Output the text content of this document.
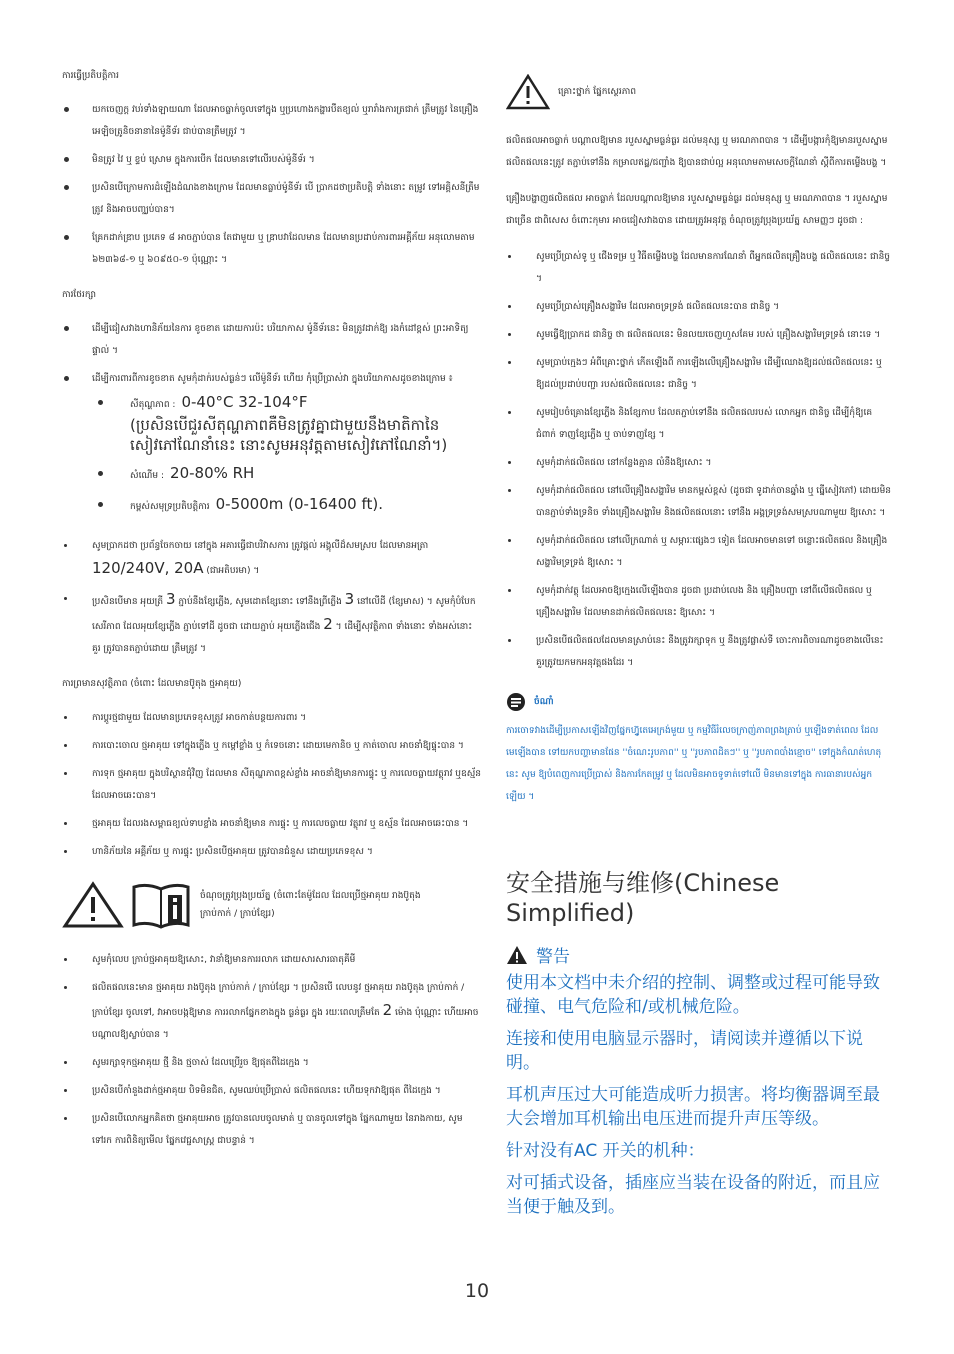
ការធ្វើប្រតិបត្តិការ
យកចេញក្ដ ​វបរ់ទាំងឡាយណា ដែលអាចធ្លាក់ចូលទៅក្នុង ឬប្រហោងកង្ហារបឺតខ្យល់ ឬរារាំងការត្រជាក់ ត្រឹមត្រូវ នៃគ្រឿងអេឡិចត្រូនិចនានានៃម៉ូនីទ័រ ជាប់បានត្រឹមត្រូវ ។
មិនត្រូវ វៃ ឬ ខ្ទប់ ស្រោម ក្នុងការបើក ដែលមានទៅលើរបស់ម៉ូនីទ័រ ។
ប្រសិនបើក្រោមការដំឡើងដំណងខាងក្រោម ដែលមានធ្លាប់ម៉ូនីទ័រ បើ ប្រាកដថាប្រតិបត្តិ ទាំងនោះ តម្រូវ ទៅ​អគ្គិសនីត្រឹមត្រូវ និងអាចបញ្ឈប់បាន។
គ្រែកដាក់ឌ្រាប ប្រភេទ ៨ អាចភ្ជាប់បាន តែជាមួយ ឬ ឌ្រាបវាដែលមាន ដែលមានប្រដាប់ការពារអគ្គីភ័យ អនុលោមតាម ៦២៣៦៨-១ ឬ ៦០៩៥០-១ ប៉ុណ្ណោះ ។
ការថែរក្សា
ដើម្បីជៀសវាងហានិភ័យនៃការ ខូចខាត ដោយការប៉ះ បរិយាកាស ម៉ូនីទ័រនេះ មិនត្រូវដាក់ឱ្យ រងកំដៅខ្ពស់ ព្រះអាទិត្យ ផ្ទាល់ ។
ដើម្បីការពារពីការខូចខាត សូមកុំដាក់របស់ធ្ងន់ៗ លើម៉ូនីទ័រ ហើយ កុំប្រើប្រាស់វា ក្នុងបរិយាកាសដូចខាងក្រោម ៖
សីតុណ្ហភាព : 0-40°C 32-104°F
(ប្រសិនបើជួរសីតុណ្ហភាពគឺមិនត្រូវគ្នាជាមួយនឹងមាតិកានៃសៀវភៅណែនាំនេះ នោះសូមអនុវត្តតាមសៀវភៅណែនាំ។)
សំណើម : 20-80% RH
កម្ពស់សមុទ្រប្រតិបត្តិការ 0-5000m (0-16400 ft).
សូមប្រាកដថា ប្រព័ន្ធចែកចាយ នៅក្នុង អគារធ្វើជាបរិវាសការ ត្រូវផ្ដល់ អង្គុលីដ៏សមស្រប ដែលមានអត្រា 120/240V, 20A (ជាអតិបរមា) ។
ប្រសិនបើមាន អុយ​ត្រី 3 ភ្ជាប់នឹងខ្សែភ្លើង, សូមដោតខ្សែនោះ ទៅនឹងព្រីភ្លើង 3 នៅលើដី (ខ្សែមាស) ។ សូមកុំបំបែកសេរីភាព ដែលអុយខ្សែភ្លើង ភ្ជាប់ទៅដី ដូចជា ដោយភ្ជាប់ អុយភ្លើងជើង 2 ។ ដើម្បីសុវត្ថិភាព ទាំងនោះ ទាំងអស់នោះ គួរ ត្រូវបានតភ្ជាប់​ដោយ ត្រឹមត្រូវ ។
ការព្រមានសុវត្ថិភាព (ចំពោះ ដែលមានប៊ូតុង ថ្មអាគុយ)
ការប្តូរថ្មជាមួយ ដែលមានប្រភេទខុសត្រូវ អាចកាត់បន្ថយការពារ ។
ការបោះចោល ថ្មអាគុយ ទៅក្នុងភ្លើង ឬ កម្ដៅខ្លាំង ឬ កំទេចនោះ ដោយមេកានិច ឬ កាត់ចោល អាចនាំឱ្យផ្ទុះបាន ។
ការទុក ថ្មអាគុយ ក្នុងបរិស្ថានជុំវិញ ដែលមាន សីតុណ្ហភាពខ្ពស់ខ្លាំង អាចនាំឱ្យមានការផ្ទុះ ឬ ការលេចធ្លាយវត្ថុរាវ ឬឧស្ម័ន ដែលអាចឆេះបាន។
ថ្មអាគុយ ដែលរងសម្ពាធខ្យល់ទាបខ្លាំង អាចនាំឱ្យមាន ការផ្ទុះ ឬ ការលេចធ្លាយ វត្ថុរាវ ឬ ឧស្ម័ន ដែលអាចឆេះបាន ។
ហានិភ័យនៃ អគ្គីភ័យ ឬ ការផ្ទុះ ប្រសិនបើថ្មអាគុយ ត្រូវបានជំនួស ដោយប្រភេទខុស ។
ចំណុចត្រូវប្រុងប្រយ័ត្ន (ចំពោះតែម៉ូដែល ដែលប្រើថ្មអាគុយ រាងប៊ូតុង
ក្រាប់កាក់ / ក្រាប់ខ្សែរ)
សូមកុំលេប ក្រាប់ថ្មអាគុយឱ្យសោះ, វានាំឱ្យមានការរលាក ដោយសារសារធាតុគីមី
ផលិតផលនេះមាន ថ្មអាគុយ រាងប៊ូតុង ក្រាប់កាក់ / ក្រាប់ខ្សែរ ។ ប្រសិនបើ លេបនូវ ថ្មអាគុយ រាងប៊ូតុង ក្រាប់កាក់ / ក្រាប់ខ្សែរ ចូលទៅ, វាអាចបង្កឱ្យមាន ការរលាកផ្នែកខាងក្នុង ធ្ងន់ធ្ងរ ក្នុង រយៈពេលត្រឹមតែ 2 ម៉ោង ប៉ុណ្ណោះ ហើយអាចបណ្តាលឱ្យស្លាប់បាន ។
សូមរក្សាទុកថ្មអាគុយ ថ្មី និង ថ្មចាស់ ដែលប្រើរួច ឱ្យផុតពីដៃក្មេង ។
ប្រសិនបើកាំនួងដាក់ថ្មអាគុយ បិទមិនជិត, សូមឈប់ប្រើប្រាស់ ផលិតផលនេះ ហើយទុកវាឱ្យផុត ពីដៃក្មេង ។
ប្រសិនបើលោកអ្នកគិតថា ថ្មអាគុយអាច ត្រូវបានលេបចូលមាត់ ឬ បានចូលទៅក្នុង ផ្នែកណាមួយ នៃរាងកាយ, សូមទៅរក ការពិនិត្យមើល ផ្នែកវេជ្ជសាស្ត្រ ជាបន្ទាន់ ។
គ្រោះថ្នាក់ ផ្នែកស្ថេរភាព

ផលិតផលអាចធ្លាក់ បណ្តាលឱ្យមាន របួសស្នាមធ្ងន់ធ្ងរ ដល់មនុស្ស ឬ មរណភាពបាន ។ ដើម្បីបង្ការកុំឱ្យមានរបួសស្នាម ផលិតផលនេះត្រូវ តភ្ជាប់ទៅនឹង កម្រាលឥដ្ឋ/ជញ្ជាំង ឱ្យបានជាប់ល្អ អនុលោមតាមសេចក្តីណែនាំ ស្តីពីការតម្លើងបង្ហ ។

គ្រឿងបង្ហាញផលិតផល អាចធ្លាក់ ដែលបណ្តាលឱ្យមាន របួសស្នាមធ្ងន់ធ្ងរ ដល់មនុស្ស ឬ មរណភាពបាន ។ របួសស្នាមជាច្រើន ជាពិសេស ចំពោះកុមារ អាចជៀសវាងបាន ដោយត្រូវអនុវត្ត ចំណុចត្រូវប្រុងប្រយ័ត្ន សាមញ្ញៗ ដូចជា :

សូមប្រើប្រាស់ទូ ឬ ជើងទម្រ ឬ វិធីតម្លើងបង្ហ ដែលមានការណែនាំ ពីអ្នកផលិតគ្រឿងបង្ហ ផលិតផលនេះ ជានិច្ច ។
សូមប្រើប្រាស់គ្រឿងសង្ហារិម ដែលអាចទ្រទ្រង់ ផលិតផលនេះបាន ជានិច្ច ។
សូមធ្វើឱ្យប្រាកដ ជានិច្ច ថា ផលិតផលនេះ មិនលយចេញហួសគែម របស់ គ្រឿងសង្ហារិមទ្រទ្រង់ នោះទេ ។
សូមប្រាប់ក្មេងៗ អំពីគ្រោះថ្នាក់ កើតឡើងពី ការឡើងលើគ្រឿងសង្ហារិម ដើម្បីឈោងឱ្យដល់ផលិតផលនេះ ឬ ឱ្យដល់ប្រដាប់បញ្ជា របស់ផលិតផលនេះ ជានិច្ច ។
សូមរៀបចំគ្រោងខ្សែភ្លើង និងខ្សែកាប ដែលតភ្ជាប់ទៅនឹង ផលិតផលរបស់ លោកអ្នក ជានិច្ច ដើម្បីកុំឱ្យគេជំពាក់ ទាញខ្សែភ្លើង ឬ ចាប់ទាញខ្សែ ។
សូមកុំដាក់ផលិតផល នៅកន្លែងគ្មាន លំនឹងឱ្យសោះ ។
សូមកុំដាក់ផលិតផល នៅលើគ្រឿងសង្ហារិម មានកម្ពស់ខ្ពស់ (ដូចជា ទូដាក់ចានឆ្នាំង ឬ ធ្នើសៀវភៅ) ដោយមិនបានភ្ជាប់ទាំងទ្រនិច ទាំងគ្រឿងសង្ហារិម និងផលិតផលនោះ ទៅនឹង អង្គទ្រទ្រង់សមស្របណាមួយ ឱ្យសោះ ។
សូមកុំដាក់ផលិតផល នៅលើក្រណាត់ ឬ សម្ភារៈផ្សេងៗ ទៀត ដែលអាចមានទៅ ចន្លោះផលិតផល និងគ្រឿងសង្ហារិមទ្រទ្រង់ ឱ្យសោះ ។
សូមកុំដាក់វត្ថុ ដែលអាចឱ្យក្មេងលើឡើងបាន ដូចជា ប្រដាប់លេង និង គ្រឿងបញ្ជា នៅពីលើផលិតផល ឬ គ្រឿងសង្ហារិម ដែលមានដាក់ផលិតផលនេះ ឱ្យសោះ ។
ប្រសិនបើផលិតផលដែលមានស្រាប់នេះ នឹងត្រូវរក្សាទុក ឬ នឹងត្រូវផ្លាស់ទី ចោះការពិចារណាដូចខាងលើនេះ គួរត្រូវយកមកអនុវត្តផងដែរ ។
ចំណាំ

ការចោទវាងដើម្បីប្រកាសឡើងវិញផ្នែកហ្វ៊ូតេអេក្រង់មួយ ឬ កម្មវិធីរំលេចក្រាញ់ភាពព្រងត្រាប់ ឬឡើងទាត់ពេល ដែលមេឡើងបាន ទៅយកបញ្ហាមានផែន ''ចំណេះរូបភាព'' ឬ ''រូបភាពដិតៗ'' ឬ ''រូបភាពបាំងខ្មោច'' ទៅក្នុងកំណត់ហេតុនេះ សូម ឱ្យបំពេញការប្រើប្រាស់ និងការកែតម្រូវ ឬ ដែលមិនអាចទូទាត់ទៅលើ មិនមានទៅក្នុង ការធានារបស់អ្នកឡើយ ។

安全措施与维修(Chinese Simplified)
警告

使用本文档中未介绍的控制、调整或过程可能导致碰撞、电气危险和/或机械危险。

连接和使用电脑显示器时，请阅读并遵循以下说明。

耳机声压过大可能造成听力损害。将均衡器调至最大会增加耳机输出电压进而提升声压等级。

针对没有AC 开关的机种：

对可插式设备，插座应当装在设备的附近，而且应当便于触及到。

10
